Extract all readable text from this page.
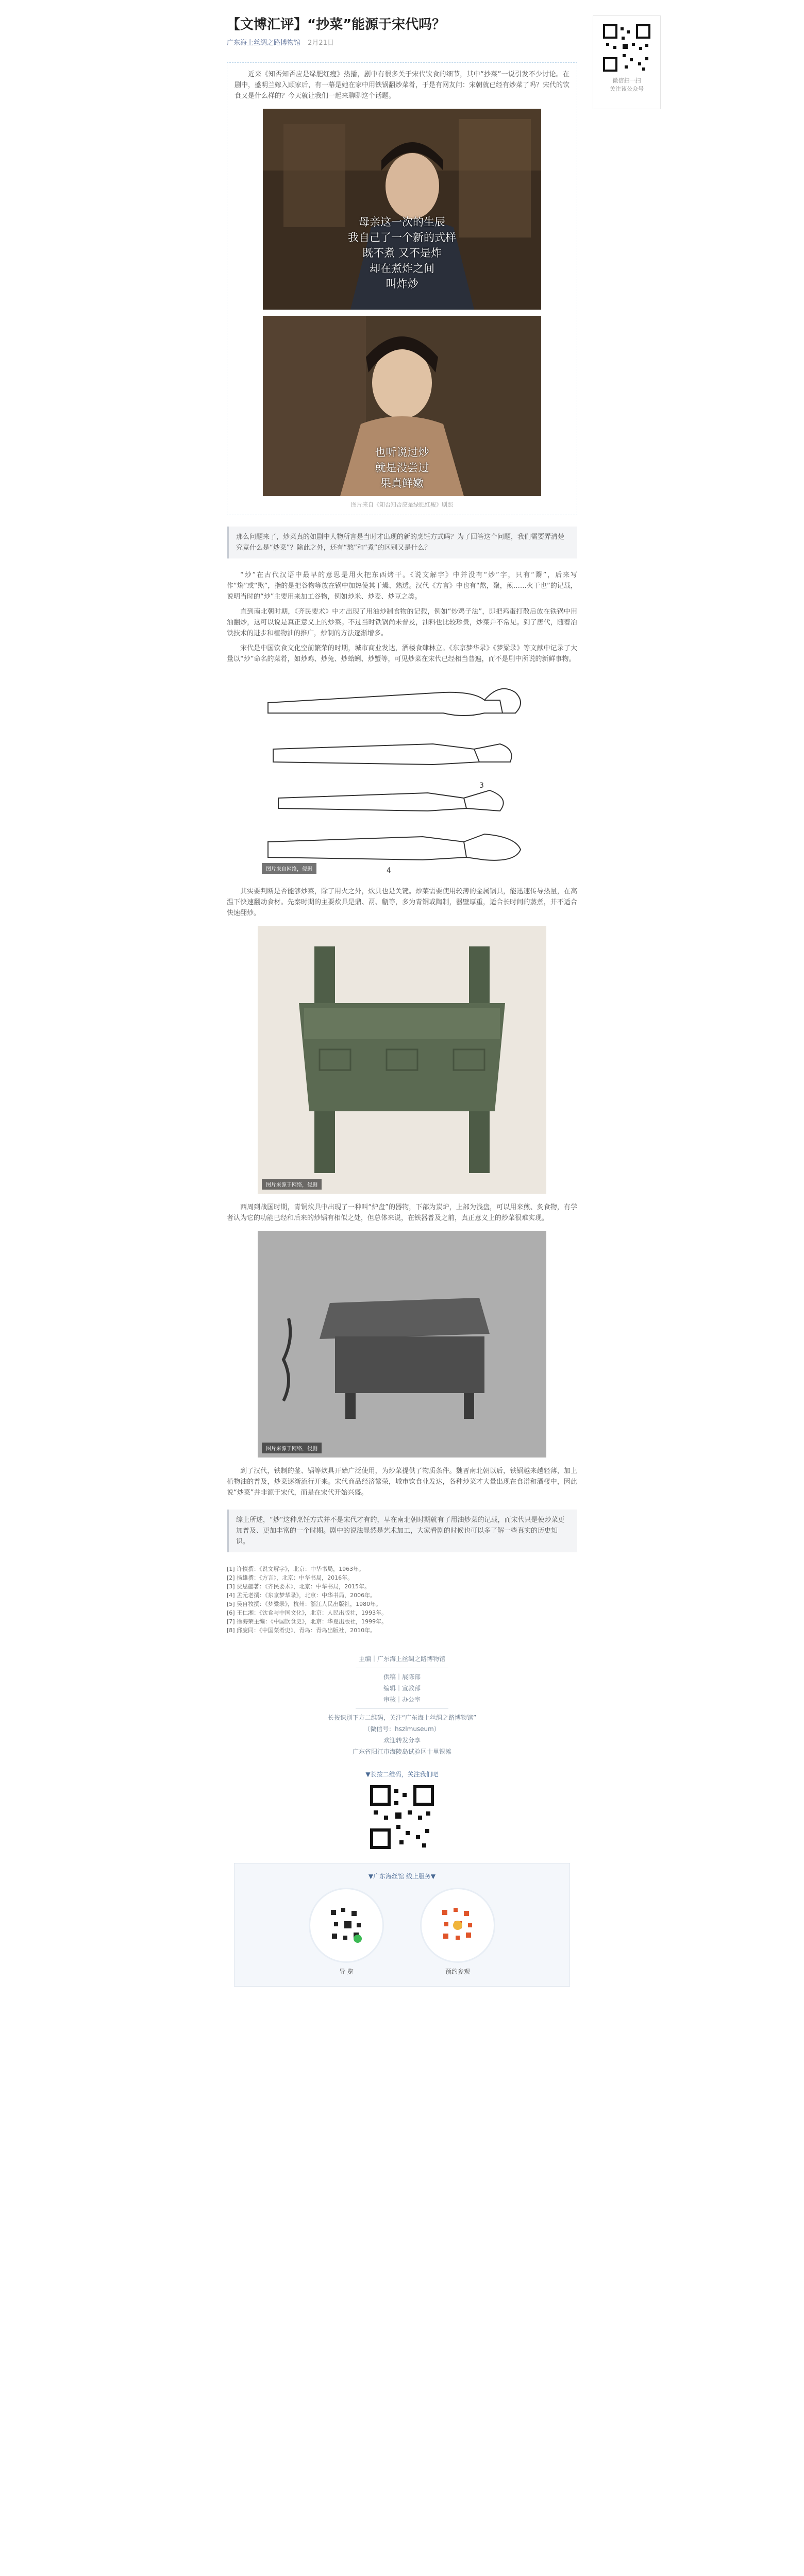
【文博汇评】“抄菜”能源于宋代吗？
广东海上丝绸之路博物馆 2月21日

近来《知否知否应是绿肥红瘦》热播，剧中有很多关于宋代饮食的细节，其中“抄菜”一说引发不少讨论。在剧中，盛明兰嫁入顾家后，有一幕是她在家中用铁锅翻炒菜肴，于是有网友问：宋朝就已经有炒菜了吗？宋代的饮食又是什么样的？今天就让我们一起来聊聊这个话题。

母亲这一次的生辰
我自己了一个新的式样
既不煮 又不是炸
却在煮炸之间
叫炸炒
也听说过炒
就是没尝过
果真鲜嫩
图片来自《知否知否应是绿肥红瘦》剧照
那么问题来了，炒菜真的如剧中人物所言是当时才出现的新的烹饪方式吗？为了回答这个问题，我们需要弄清楚究竟什么是“炒菜”？除此之外，还有“熬”和“煮”的区别又是什么？

“炒”在古代汉语中最早的意思是用火把东西烤干。《说文解字》中并没有“炒”字，只有“鬻”，后来写作“煼”或“焣”，指的是把谷物等放在锅中加热使其干燥、熟透。汉代《方言》中也有“熬，聚，煎……火干也”的记载，说明当时的“炒”主要用来加工谷物，例如炒米、炒麦、炒豆之类。

直到南北朝时期，《齐民要术》中才出现了用油炒制食物的记载，例如“炒鸡子法”，即把鸡蛋打散后放在铁锅中用油翻炒，这可以说是真正意义上的炒菜。不过当时铁锅尚未普及，油料也比较珍贵，炒菜并不常见。到了唐代，随着冶铁技术的进步和植物油的推广，炒制的方法逐渐增多。

宋代是中国饮食文化空前繁荣的时期，城市商业发达，酒楼食肆林立。《东京梦华录》《梦粱录》等文献中记录了大量以“炒”命名的菜肴，如炒鸡、炒兔、炒蛤蜊、炒蟹等，可见炒菜在宋代已经相当普遍，而不是剧中所说的新鲜事物。

3
4
图片来自网络，侵删

其实要判断是否能够炒菜，除了用火之外，炊具也是关键。炒菜需要使用较薄的金属锅具，能迅速传导热量，在高温下快速翻动食材。先秦时期的主要炊具是鼎、鬲、甗等，多为青铜或陶制，器壁厚重，适合长时间的蒸煮，并不适合快速翻炒。

图片来源于网络，侵删

西周到战国时期，青铜炊具中出现了一种叫“炉盘”的器物，下部为炭炉，上部为浅盘，可以用来煎、炙食物，有学者认为它的功能已经和后来的炒锅有相似之处，但总体来说，在铁器普及之前，真正意义上的炒菜很难实现。

图片来源于网络，侵删

到了汉代，铁制的釜、锅等炊具开始广泛使用，为炒菜提供了物质条件。魏晋南北朝以后，铁锅越来越轻薄，加上植物油的普及，炒菜逐渐流行开来。宋代商品经济繁荣，城市饮食业发达，各种炒菜才大量出现在食谱和酒楼中，因此说“炒菜”并非源于宋代，而是在宋代开始兴盛。

综上所述，“炒”这种烹饪方式并不是宋代才有的，早在南北朝时期就有了用油炒菜的记载，而宋代只是使炒菜更加普及、更加丰富的一个时期。剧中的说法显然是艺术加工，大家看剧的时候也可以多了解一些真实的历史知识。

[1] 许慎撰：《说文解字》，北京：中华书局，1963年。

[2] 扬雄撰：《方言》，北京：中华书局，2016年。

[3] 贾思勰著：《齐民要术》，北京：中华书局，2015年。

[4] 孟元老撰：《东京梦华录》，北京：中华书局，2006年。

[5] 吴自牧撰：《梦粱录》，杭州：浙江人民出版社，1980年。

[6] 王仁湘：《饮食与中国文化》，北京：人民出版社，1993年。

[7] 徐海荣主编：《中国饮食史》，北京：华夏出版社，1999年。

[8] 邱庞同：《中国菜肴史》，青岛：青岛出版社，2010年。

主编｜广东海上丝绸之路博物馆
供稿｜展陈部
编辑｜宣教部
审核｜办公室
长按识别下方二维码，关注“广东海上丝绸之路博物馆”
（微信号：hszlmuseum）
欢迎转发分享
广东省阳江市海陵岛试验区十里银滩
▼长按二维码，关注我们吧
▼广东海丝馆 线上服务▼
导 览	预约参观
微信扫一扫
关注该公众号
